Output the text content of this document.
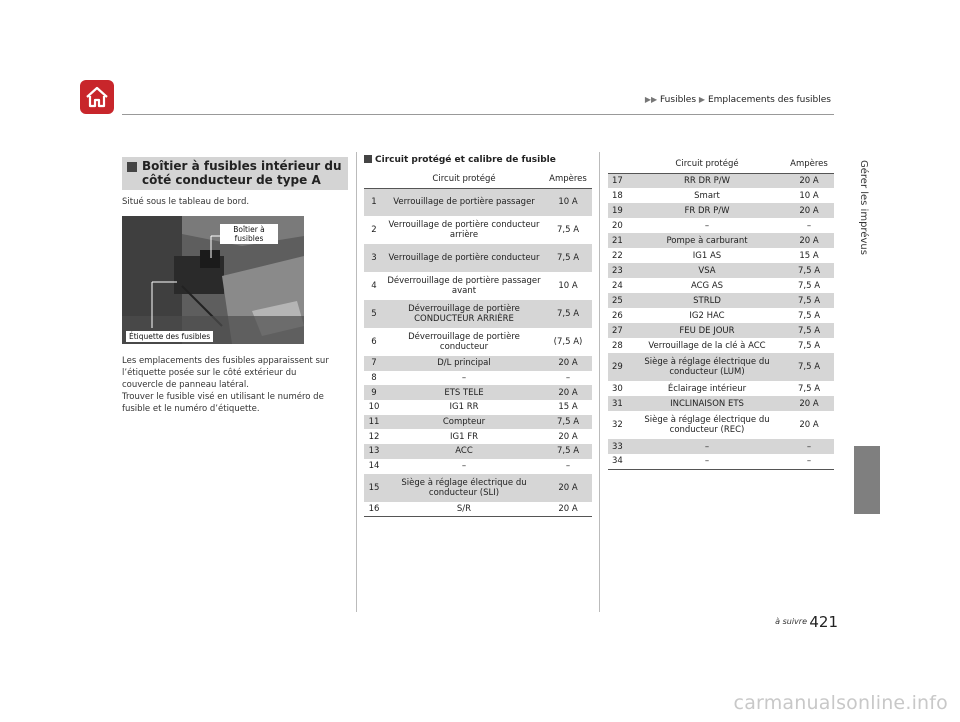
▶▶ Fusibles ▶ Emplacements des fusibles
Gérer les imprévus
Boîtier à fusibles intérieur du
côté conducteur de type A
Situé sous le tableau de bord.
Boîtier à fusibles
Étiquette des fusibles
Les emplacements des fusibles apparaissent sur
l’étiquette posée sur le côté extérieur du
couvercle de panneau latéral.
Trouver le fusible visé en utilisant le numéro de
fusible et le numéro d’étiquette.
Circuit protégé et calibre de fusible
	Circuit protégé	Ampères
1	Verrouillage de portière passager	10 A
2	Verrouillage de portière conducteur arrière	7,5 A
3	Verrouillage de portière conducteur	7,5 A
4	Déverrouillage de portière passager avant	10 A
5	Déverrouillage de portière CONDUCTEUR ARRIÈRE	7,5 A
6	Déverrouillage de portière conducteur	(7,5 A)
7	D/L principal	20 A
8	–	–
9	ETS TELE	20 A
10	IG1 RR	15 A
11	Compteur	7,5 A
12	IG1 FR	20 A
13	ACC	7,5 A
14	–	–
15	Siège à réglage électrique du conducteur (SLI)	20 A
16	S/R	20 A
	Circuit protégé	Ampères
17	RR DR P/W	20 A
18	Smart	10 A
19	FR DR P/W	20 A
20	–	–
21	Pompe à carburant	20 A
22	IG1 AS	15 A
23	VSA	7,5 A
24	ACG AS	7,5 A
25	STRLD	7,5 A
26	IG2 HAC	7,5 A
27	FEU DE JOUR	7,5 A
28	Verrouillage de la clé à ACC	7,5 A
29	Siège à réglage électrique du conducteur (LUM)	7,5 A
30	Éclairage intérieur	7,5 A
31	INCLINAISON ETS	20 A
32	Siège à réglage électrique du conducteur (REC)	20 A
33	–	–
34	–	–
à suivre 421
carmanualsonline.info
